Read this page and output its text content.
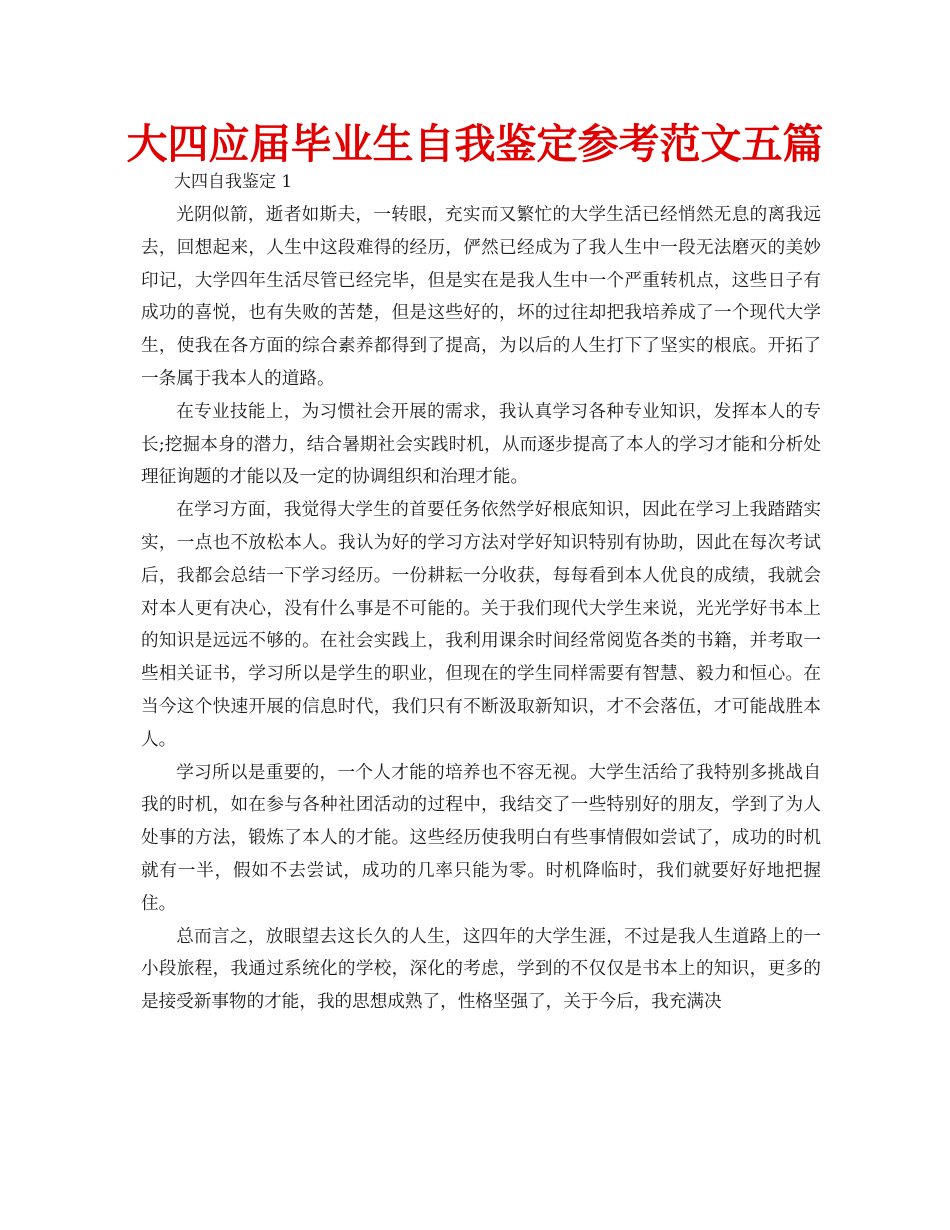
大四应届毕业生自我鉴定参考范文五篇

大四自我鉴定 1

光阴似箭，逝者如斯夫，一转眼，充实而又繁忙的大学生活已经悄然无息的离我远去，回想起来，人生中这段难得的经历，俨然已经成为了我人生中一段无法磨灭的美妙印记，大学四年生活尽管已经完毕，但是实在是我人生中一个严重转机点，这些日子有成功的喜悦，也有失败的苦楚，但是这些好的，坏的过往却把我培养成了一个现代大学生，使我在各方面的综合素养都得到了提高，为以后的人生打下了坚实的根底。开拓了一条属于我本人的道路。

在专业技能上，为习惯社会开展的需求，我认真学习各种专业知识，发挥本人的专长;挖掘本身的潜力，结合暑期社会实践时机，从而逐步提高了本人的学习才能和分析处理征询题的才能以及一定的协调组织和治理才能。

在学习方面，我觉得大学生的首要任务依然学好根底知识，因此在学习上我踏踏实实，一点也不放松本人。我认为好的学习方法对学好知识特别有协助，因此在每次考试后，我都会总结一下学习经历。一份耕耘一分收获，每每看到本人优良的成绩，我就会对本人更有决心，没有什么事是不可能的。关于我们现代大学生来说，光光学好书本上的知识是远远不够的。在社会实践上，我利用课余时间经常阅览各类的书籍，并考取一些相关证书，学习所以是学生的职业，但现在的学生同样需要有智慧、毅力和恒心。在当今这个快速开展的信息时代，我们只有不断汲取新知识，才不会落伍，才可能战胜本人。

学习所以是重要的，一个人才能的培养也不容无视。大学生活给了我特别多挑战自我的时机，如在参与各种社团活动的过程中，我结交了一些特别好的朋友，学到了为人处事的方法，锻炼了本人的才能。这些经历使我明白有些事情假如尝试了，成功的时机就有一半，假如不去尝试，成功的几率只能为零。时机降临时，我们就要好好地把握住。

总而言之，放眼望去这长久的人生，这四年的大学生涯，不过是我人生道路上的一小段旅程，我通过系统化的学校，深化的考虑，学到的不仅仅是书本上的知识，更多的是接受新事物的才能，我的思想成熟了，性格坚强了，关于今后，我充满决
